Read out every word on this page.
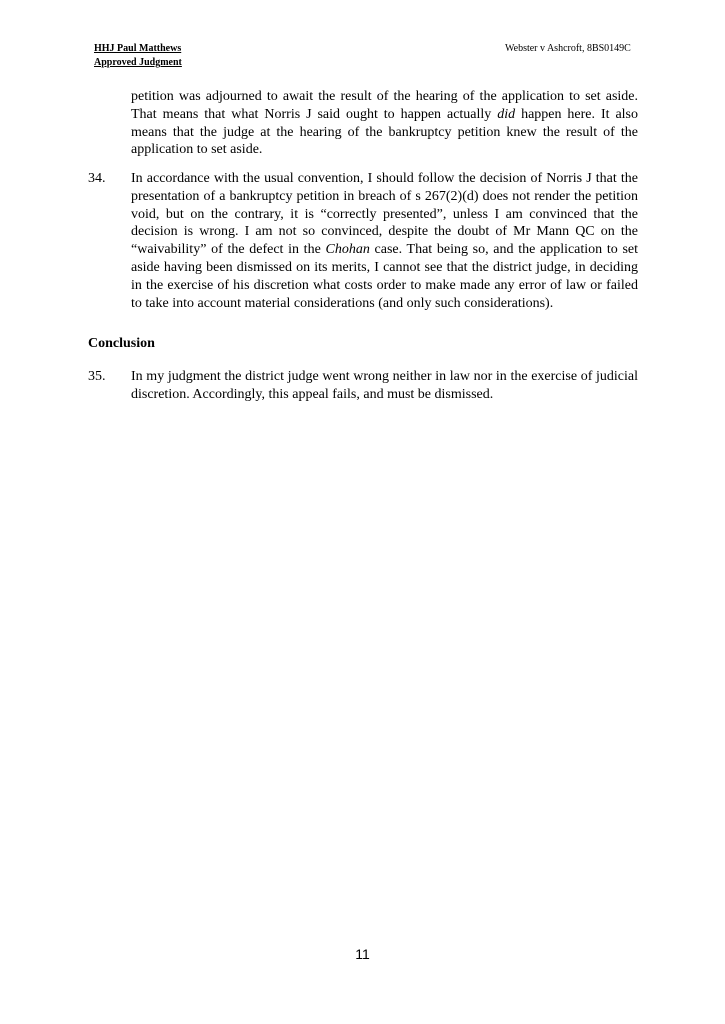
HHJ Paul Matthews
Approved Judgment
Webster v Ashcroft, 8BS0149C
petition was adjourned to await the result of the hearing of the application to set aside. That means that what Norris J said ought to happen actually did happen here. It also means that the judge at the hearing of the bankruptcy petition knew the result of the application to set aside.
34.	In accordance with the usual convention, I should follow the decision of Norris J that the presentation of a bankruptcy petition in breach of s 267(2)(d) does not render the petition void, but on the contrary, it is “correctly presented”, unless I am convinced that the decision is wrong. I am not so convinced, despite the doubt of Mr Mann QC on the “waivability” of the defect in the Chohan case. That being so, and the application to set aside having been dismissed on its merits, I cannot see that the district judge, in deciding in the exercise of his discretion what costs order to make made any error of law or failed to take into account material considerations (and only such considerations).
Conclusion
35.	In my judgment the district judge went wrong neither in law nor in the exercise of judicial discretion. Accordingly, this appeal fails, and must be dismissed.
11
